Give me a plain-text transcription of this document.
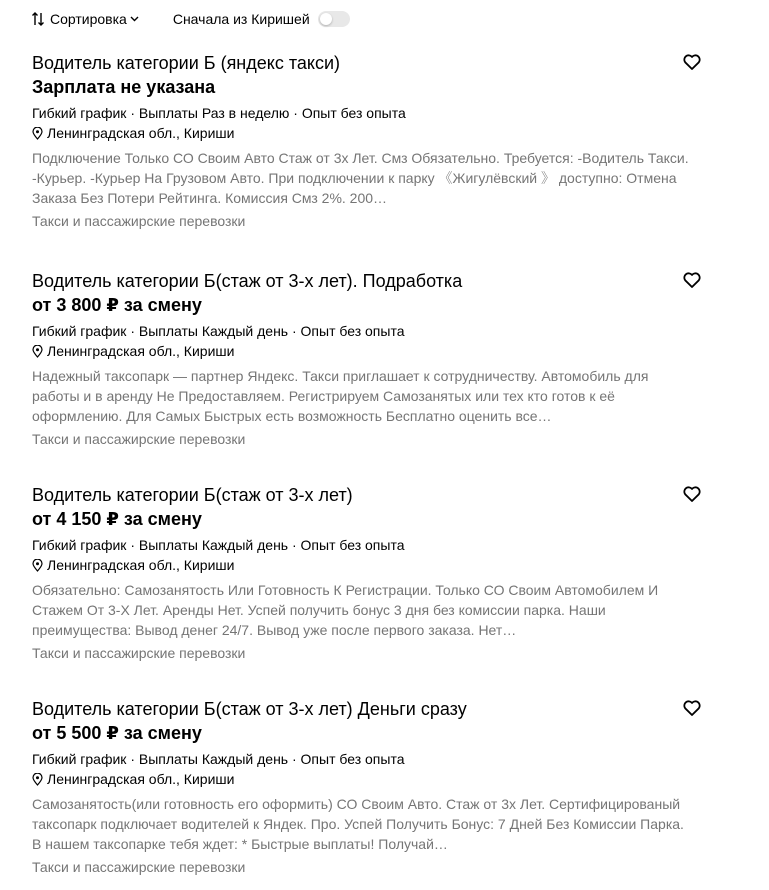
Сортировка	Сначала из Киришей
Водитель категории Б (яндекс такси)
Зарплата не указана
Гибкий график · Выплаты Раз в неделю · Опыт без опыта
Ленинградская обл., Кириши
Подключение Только СО Своим Авто Стаж от 3х Лет. Смз Обязательно. Требуется: -Водитель Такси. -Курьер. -Курьер На Грузовом Авто. При подключении к парку 《Жигулёвский 》 доступно: Отмена Заказа Без Потери Рейтинга. Комиссия Смз 2%. 200…
Такси и пассажирские перевозки
Водитель категории Б(стаж от 3-х лет). Подработка
от 3 800 ₽ за смену
Гибкий график · Выплаты Каждый день · Опыт без опыта
Ленинградская обл., Кириши
Надежный таксопарк — партнер Яндекс. Такси приглашает к сотрудничеству. Автомобиль для работы и в аренду Не Предоставляем. Регистрируем Самозанятых или тех кто готов к её оформлению. Для Самых Быстрых есть возможность Бесплатно оценить все…
Такси и пассажирские перевозки
Водитель категории Б(стаж от 3-х лет)
от 4 150 ₽ за смену
Гибкий график · Выплаты Каждый день · Опыт без опыта
Ленинградская обл., Кириши
Обязательно: Самозанятость Или Готовность К Регистрации. Только СО Своим Автомобилем И Стажем От 3-Х Лет. Аренды Нет. Успей получить бонус 3 дня без комиссии парка. Наши преимущества: Вывод денег 24/7. Вывод уже после первого заказа. Нет…
Такси и пассажирские перевозки
Водитель категории Б(стаж от 3-х лет) Деньги сразу
от 5 500 ₽ за смену
Гибкий график · Выплаты Каждый день · Опыт без опыта
Ленинградская обл., Кириши
Самозанятость(или готовность его оформить) СО Своим Авто. Стаж от 3х Лет. Сертифицированый таксопарк подключает водителей к Яндек. Про. Успей Получить Бонус: 7 Дней Без Комиссии Парка. В нашем таксопарке тебя ждет: * Быстрые выплаты! Получай…
Такси и пассажирские перевозки
